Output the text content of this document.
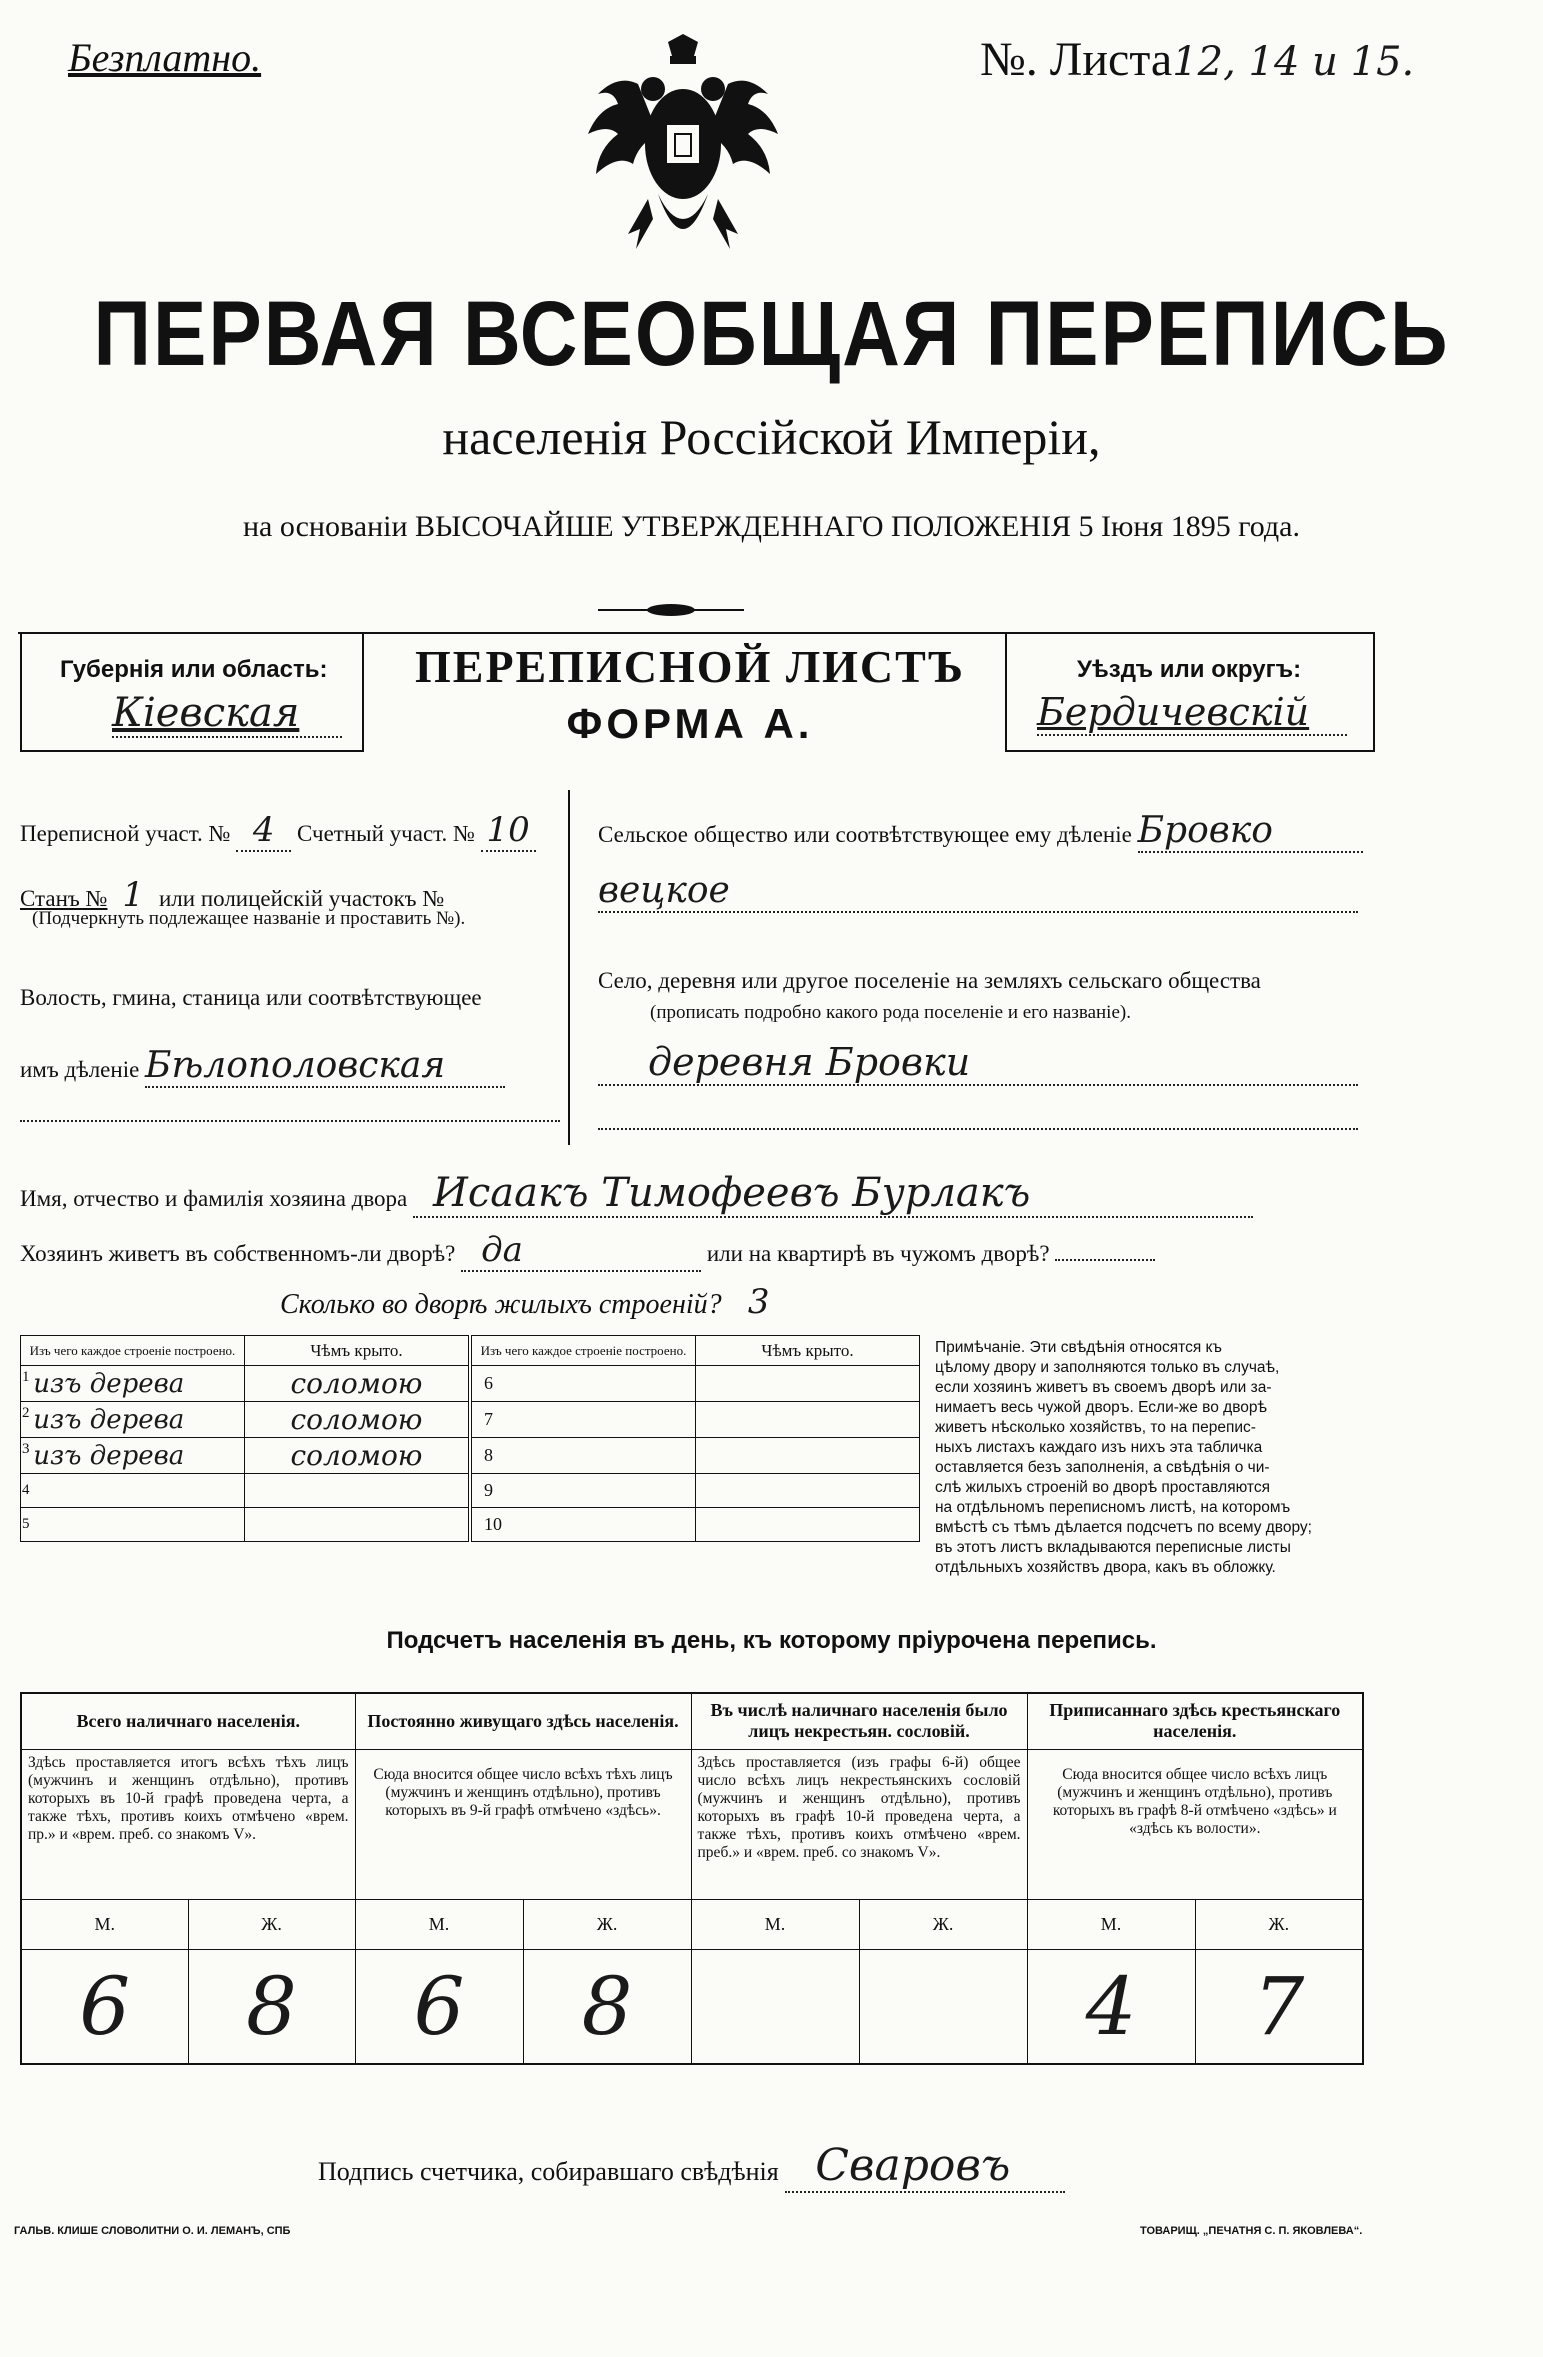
Безплатно.	№. Листа12, 14 и 15.
ПЕРВАЯ ВСЕОБЩАЯ ПЕРЕПИСЬ
населенія Россійской Имперіи,
на основаніи ВЫСОЧАЙШЕ УТВЕРЖДЕННАГО ПОЛОЖЕНІЯ 5 Іюня 1895 года.
Губернія или область:
Кіевская
ПЕРЕПИСНОЙ ЛИСТЪ
ФОРМА А.
Уѣздъ или округъ:
Бердичевскій
Переписной участ. № 4 Счетный участ. № 10
Станъ № 1 или полицейскій участокъ №
(Подчеркнуть подлежащее названіе и проставить №).
Волость, гмина, станица или соотвѣтствующее
имъ дѣленіе Бѣлополовская
Сельское общество или соотвѣтствующее ему дѣленіе Бровко
вецкое
Село, деревня или другое поселеніе на земляхъ сельскаго общества
(прописать подробно какого рода поселеніе и его названіе).
деревня Бровки
Имя, отчество и фамилія хозяина двора Исаакъ Тимофеевъ Бурлакъ
Хозяинъ живетъ въ собственномъ-ли дворѣ? да	или на квартирѣ въ чужомъ дворѣ?
Сколько во дворѣ жилыхъ строеній? 3
Изъ чего каждое строеніе построено.	Чѣмъ крыто.	Изъ чего каждое строеніе построено.	Чѣмъ крыто.
1 изъ дерева	соломою	6	
2 изъ дерева	соломою	7	
3 изъ дерева	соломою	8	
4		9	
5		10	
Примѣчаніе. Эти свѣдѣнія относятся къ
цѣлому двору и заполняются только въ случаѣ,
если хозяинъ живетъ въ своемъ дворѣ или за-
нимаетъ весь чужой дворъ. Если-же во дворѣ
живетъ нѣсколько хозяйствъ, то на перепис-
ныхъ листахъ каждаго изъ нихъ эта табличка
оставляется безъ заполненія, а свѣдѣнія о чи-
слѣ жилыхъ строеній во дворѣ проставляются
на отдѣльномъ переписномъ листѣ, на которомъ
вмѣстѣ съ тѣмъ дѣлается подсчетъ по всему двору;
въ этотъ листъ вкладываются переписные листы
отдѣльныхъ хозяйствъ двора, какъ въ обложку.
Подсчетъ населенія въ день, къ которому пріурочена перепись.
Всего наличнаго населенія.		Постоянно живущаго здѣсь населенія.		Въ числѣ наличнаго населенія было лицъ некрестьян. сословій.		Приписаннаго здѣсь крестьянскаго населенія.	
Здѣсь проставляется итогъ всѣхъ тѣхъ лицъ (мужчинъ и женщинъ отдѣльно), противъ которыхъ въ 10-й графѣ проведена черта, а также тѣхъ, противъ коихъ отмѣчено «врем. пр.» и «врем. преб. со знакомъ V».		Сюда вносится общее число всѣхъ тѣхъ лицъ (мужчинъ и женщинъ отдѣльно), противъ которыхъ въ 9-й графѣ отмѣчено «здѣсь».		Здѣсь проставляется (изъ графы 6-й) общее число всѣхъ лицъ некрестьянскихъ сословій (мужчинъ и женщинъ отдѣльно), противъ которыхъ въ графѣ 10-й проведена черта, а также тѣхъ, противъ коихъ отмѣчено «врем. преб.» и «врем. преб. со знакомъ V».		Сюда вносится общее число всѣхъ лицъ (мужчинъ и женщинъ отдѣльно), противъ которыхъ въ графѣ 8-й отмѣчено «здѣсь» и «здѣсь къ волости».	
М.	Ж.	М.	Ж.	М.	Ж.	М.	Ж.
6	8	6	8			4	7
Подпись счетчика, собиравшаго свѣдѣнія Сваровъ
ГАЛЬВ. КЛИШЕ СЛОВОЛИТНИ О. И. ЛЕМАНЪ, СПБ	ТОВАРИЩ. „ПЕЧАТНЯ С. П. ЯКОВЛЕВА“.
